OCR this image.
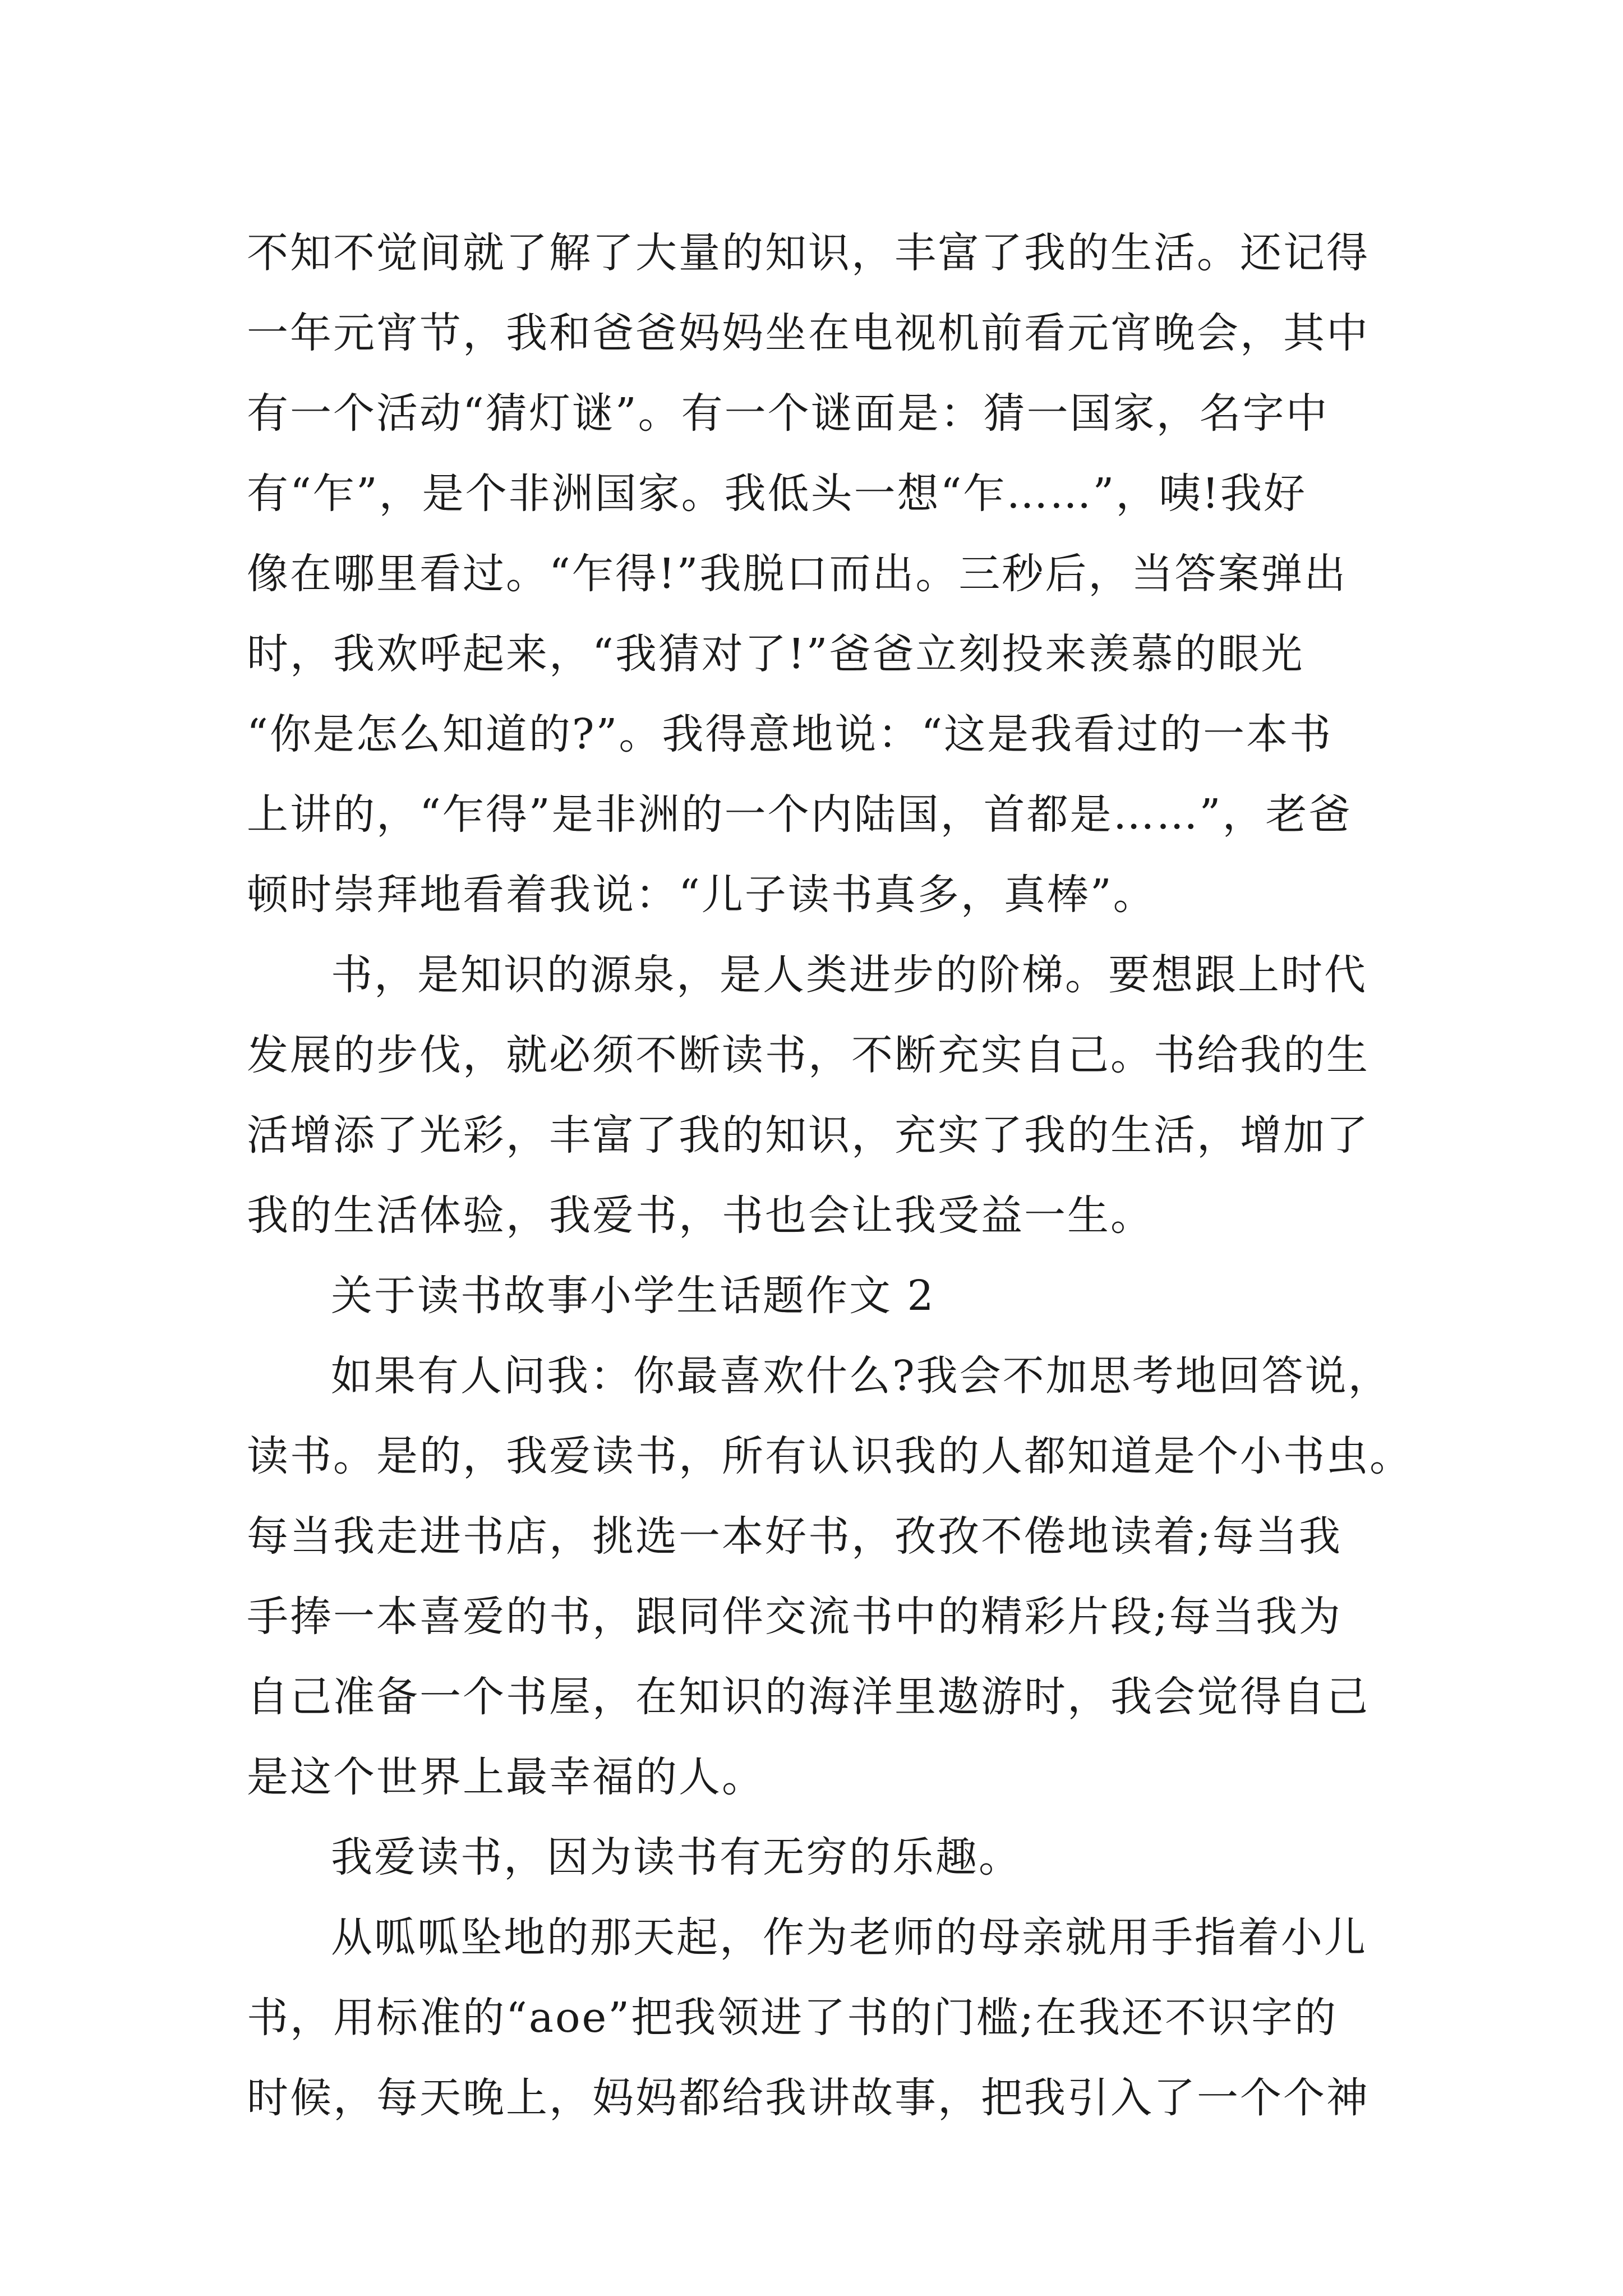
不知不觉间就了解了大量的知识，丰富了我的生活。还记得
一年元宵节，我和爸爸妈妈坐在电视机前看元宵晚会，其中
有一个活动“猜灯谜”。有一个谜面是：猜一国家，名字中
有“乍”，是个非洲国家。我低头一想“乍……”，咦!我好
像在哪里看过。“乍得!”我脱口而出。三秒后，当答案弹出
时，我欢呼起来，“我猜对了!”爸爸立刻投来羡慕的眼光
“你是怎么知道的?”。我得意地说：“这是我看过的一本书
上讲的，“乍得”是非洲的一个内陆国，首都是……”，老爸
顿时崇拜地看着我说：“儿子读书真多，真棒”。
书，是知识的源泉，是人类进步的阶梯。要想跟上时代
发展的步伐，就必须不断读书，不断充实自己。书给我的生
活增添了光彩，丰富了我的知识，充实了我的生活，增加了
我的生活体验，我爱书，书也会让我受益一生。
关于读书故事小学生话题作文 2
如果有人问我：你最喜欢什么?我会不加思考地回答说，
读书。是的，我爱读书，所有认识我的人都知道是个小书虫。
每当我走进书店，挑选一本好书，孜孜不倦地读着;每当我
手捧一本喜爱的书，跟同伴交流书中的精彩片段;每当我为
自己准备一个书屋，在知识的海洋里遨游时，我会觉得自己
是这个世界上最幸福的人。
我爱读书，因为读书有无穷的乐趣。
从呱呱坠地的那天起，作为老师的母亲就用手指着小儿
书，用标准的“aoe”把我领进了书的门槛;在我还不识字的
时候，每天晚上，妈妈都给我讲故事，把我引入了一个个神
